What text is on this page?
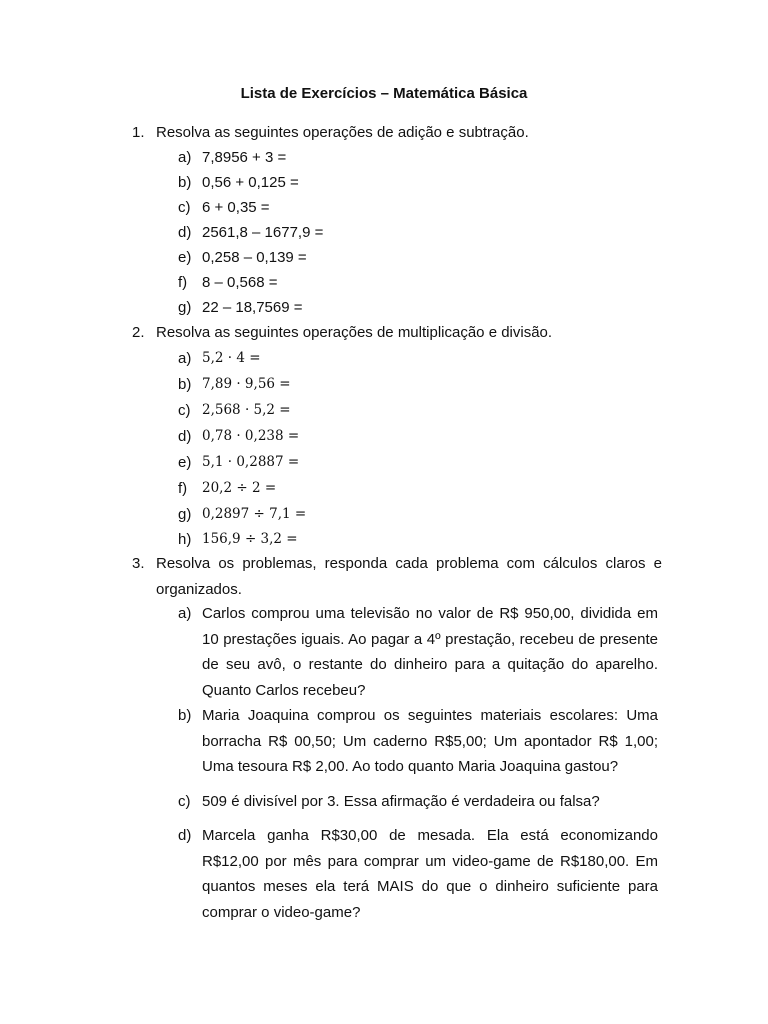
Lista de Exercícios – Matemática Básica
1. Resolva as seguintes operações de adição e subtração.
a) 7,8956 + 3 =
b) 0,56 + 0,125 =
c) 6 + 0,35 =
d) 2561,8 – 1677,9 =
e) 0,258 – 0,139 =
f) 8 – 0,568 =
g) 22 – 18,7569 =
2. Resolva as seguintes operações de multiplicação e divisão.
a) 5,2 · 4 =
b) 7,89 · 9,56 =
c) 2,568 · 5,2 =
d) 0,78 · 0,238 =
e) 5,1 · 0,2887 =
f) 20,2 ÷ 2 =
g) 0,2897 ÷ 7,1 =
h) 156,9 ÷ 3,2 =
3. Resolva os problemas, responda cada problema com cálculos claros e organizados.
a) Carlos comprou uma televisão no valor de R$ 950,00, dividida em 10 prestações iguais. Ao pagar a 4º prestação, recebeu de presente de seu avô, o restante do dinheiro para a quitação do aparelho. Quanto Carlos recebeu?
b) Maria Joaquina comprou os seguintes materiais escolares: Uma borracha R$ 00,50; Um caderno R$5,00; Um apontador R$ 1,00; Uma tesoura R$ 2,00. Ao todo quanto Maria Joaquina gastou?
c) 509 é divisível por 3. Essa afirmação é verdadeira ou falsa?
d) Marcela ganha R$30,00 de mesada. Ela está economizando R$12,00 por mês para comprar um video-game de R$180,00. Em quantos meses ela terá MAIS do que o dinheiro suficiente para comprar o video-game?
